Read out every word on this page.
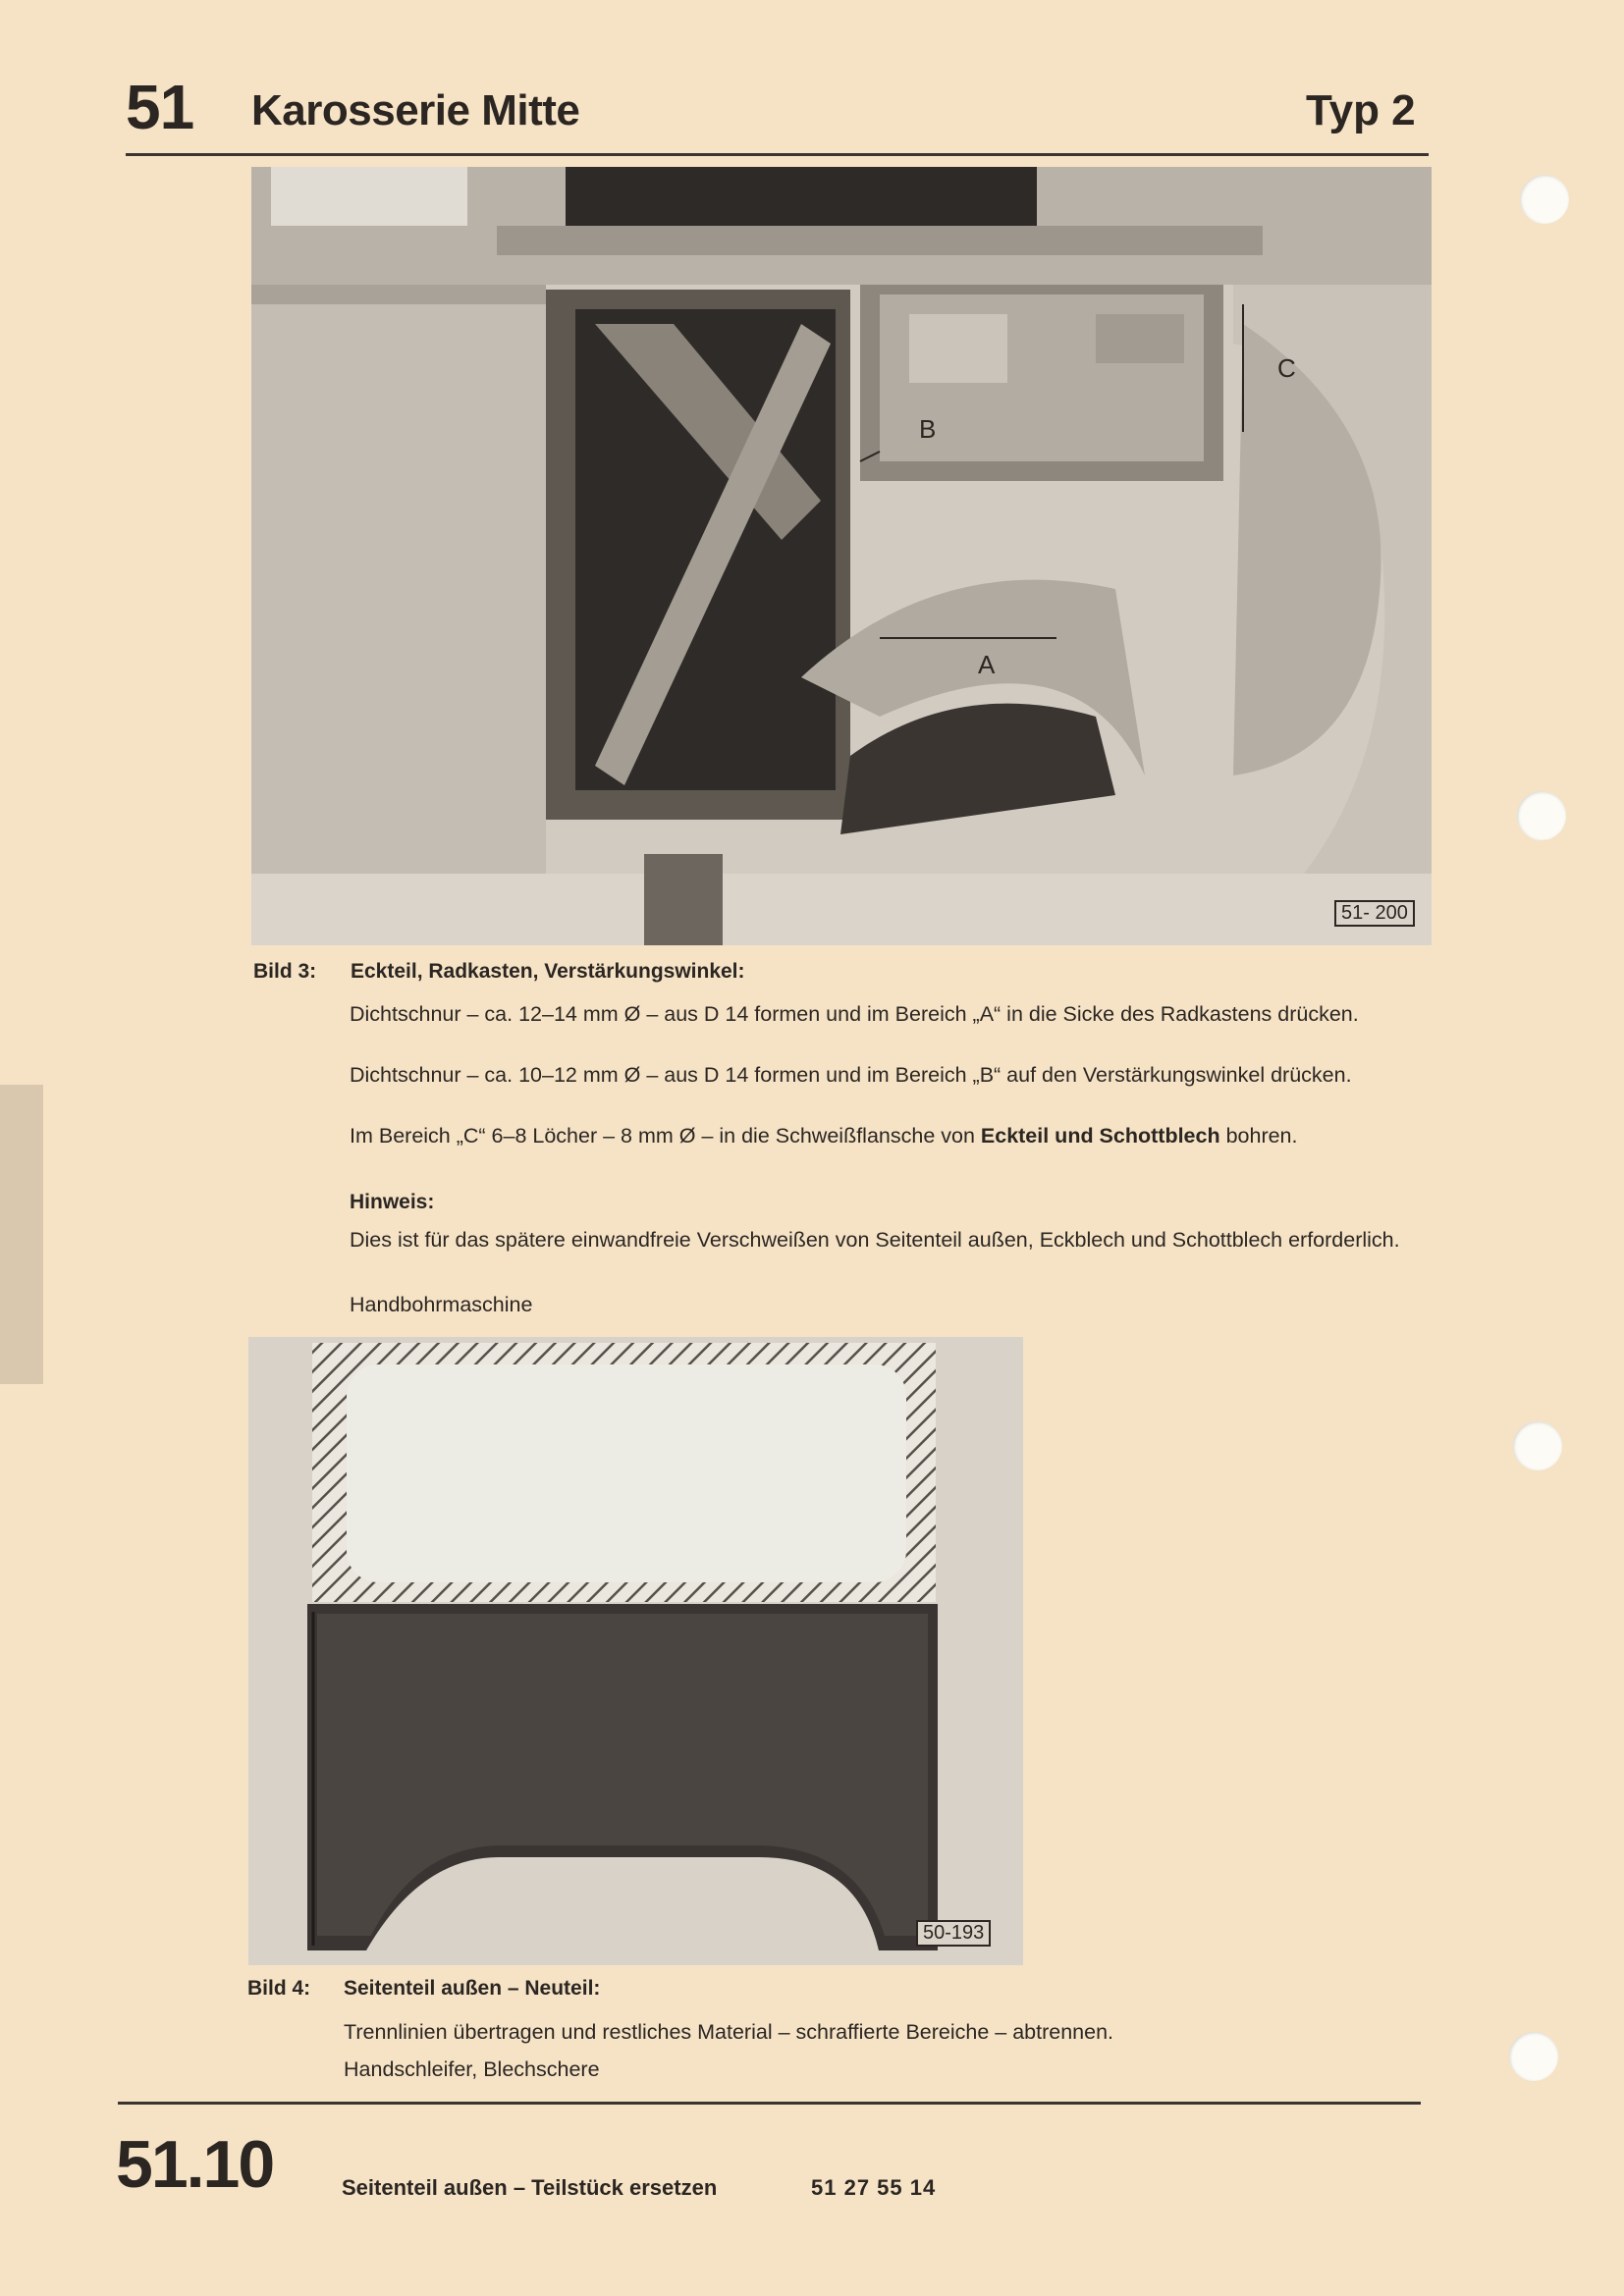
51 Karosserie Mitte	Typ 2
A
B
C
51- 200
Bild 3: Eckteil, Radkasten, Verstärkungswinkel:
Dichtschnur – ca. 12–14 mm Ø – aus D 14 formen und im Bereich „A“ in die Sicke des Radkastens drücken.
Dichtschnur – ca. 10–12 mm Ø – aus D 14 formen und im Bereich „B“ auf den Verstärkungswinkel drücken.
Im Bereich „C“ 6–8 Löcher – 8 mm Ø – in die Schweißflansche von Eckteil und Schottblech bohren.
Hinweis:
Dies ist für das spätere einwandfreie Verschweißen von Seitenteil außen, Eckblech und Schottblech erforderlich.
Handbohrmaschine
50-193
Bild 4: Seitenteil außen – Neuteil:
Trennlinien übertragen und restliches Material – schraffierte Bereiche – abtrennen.
Handschleifer, Blechschere
51.10	Seitenteil außen – Teilstück ersetzen	51 27 55 14
